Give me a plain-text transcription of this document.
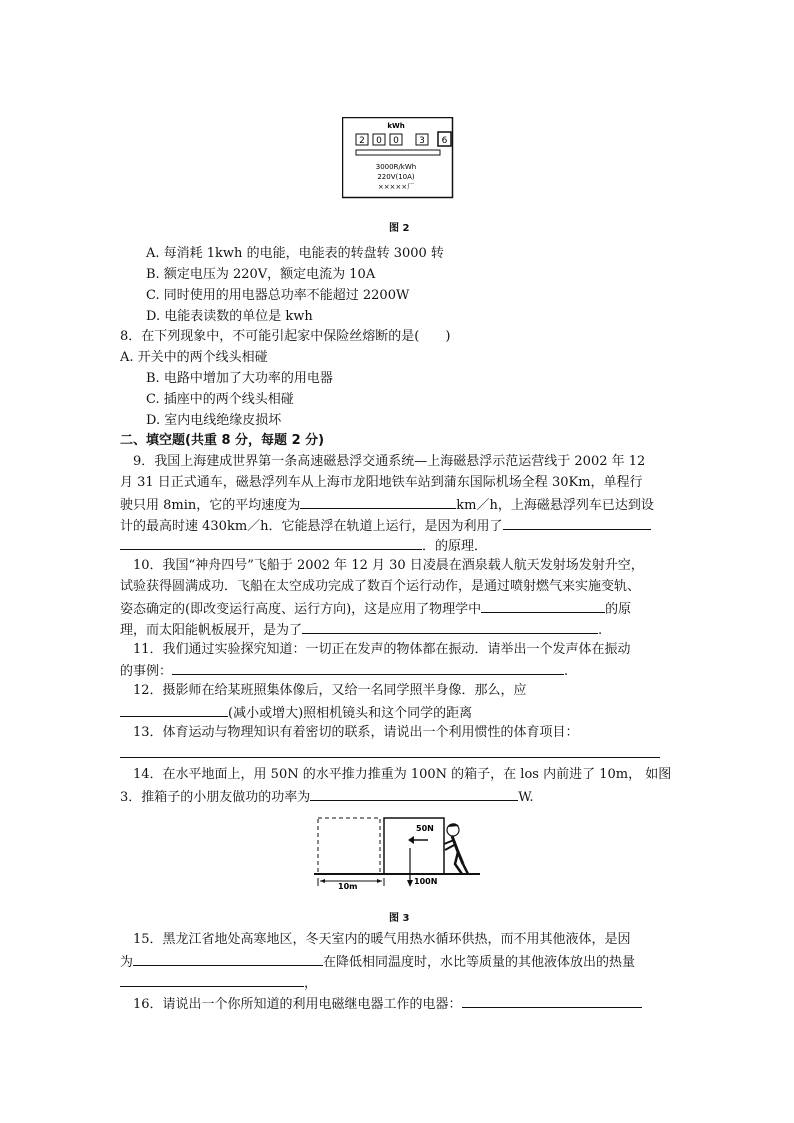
kWh
2 0 0 3 6
3000R/kWh
220V(10A)
×××××厂
图 2
A. 每消耗 1kwh 的电能，电能表的转盘转 3000 转
B. 额定电压为 220V，额定电流为 10A
C. 同时使用的用电器总功率不能超过 2200W
D. 电能表读数的单位是 kwh
8．在下列现象中，不可能引起家中保险丝熔断的是(　　)
A. 开关中的两个线头相碰
B. 电路中增加了大功率的用电器
C. 插座中的两个线头相碰
D. 室内电线绝缘皮损坏
二、填空题(共重 8 分，每题 2 分)
9．我国上海建成世界第一条高速磁悬浮交通系统—上海磁悬浮示范运营线于 2002 年 12
月 31 日正式通车，磁悬浮列车从上海市龙阳地铁车站到蒲东国际机场全程 30Km，单程行
驶只用 8min，它的平均速度为	km／h，上海磁悬浮列车已达到设
计的最高时速 430km／h．它能悬浮在轨道上运行，是因为利用了
．的原理．
10．我国“神舟四号”飞船于 2002 年 12 月 30 日凌晨在酒泉载人航天发射场发射升空，
试验获得圆满成功．飞船在太空成功完成了数百个运行动作，是通过喷射燃气来实施变轨、
姿态确定的(即改变运行高度、运行方向)，这是应用了物理学中	的原
理，而太阳能帆板展开，是为了	.
11．我们通过实验探究知道：一切正在发声的物体都在振动．请举出一个发声体在振动
的事例：	.
12．摄影师在给某班照集体像后，又给一名同学照半身像．那么，应
(减小或增大)照相机镜头和这个同学的距离
13．体育运动与物理知识有着密切的联系，请说出一个利用惯性的体育项目：
14．在水平地面上，用 50N 的水平推力推重为 100N 的箱子，在 los 内前进了 10m， 如图
3．推箱子的小朋友做功的功率为	W.
50N
100N
10m
图 3
15．黑龙江省地处高寒地区，冬天室内的暖气用热水循环供热，而不用其他液体，是因
为	在降低相同温度时，水比等质量的其他液体放出的热量
，
16．请说出一个你所知道的利用电磁继电器工作的电器：
